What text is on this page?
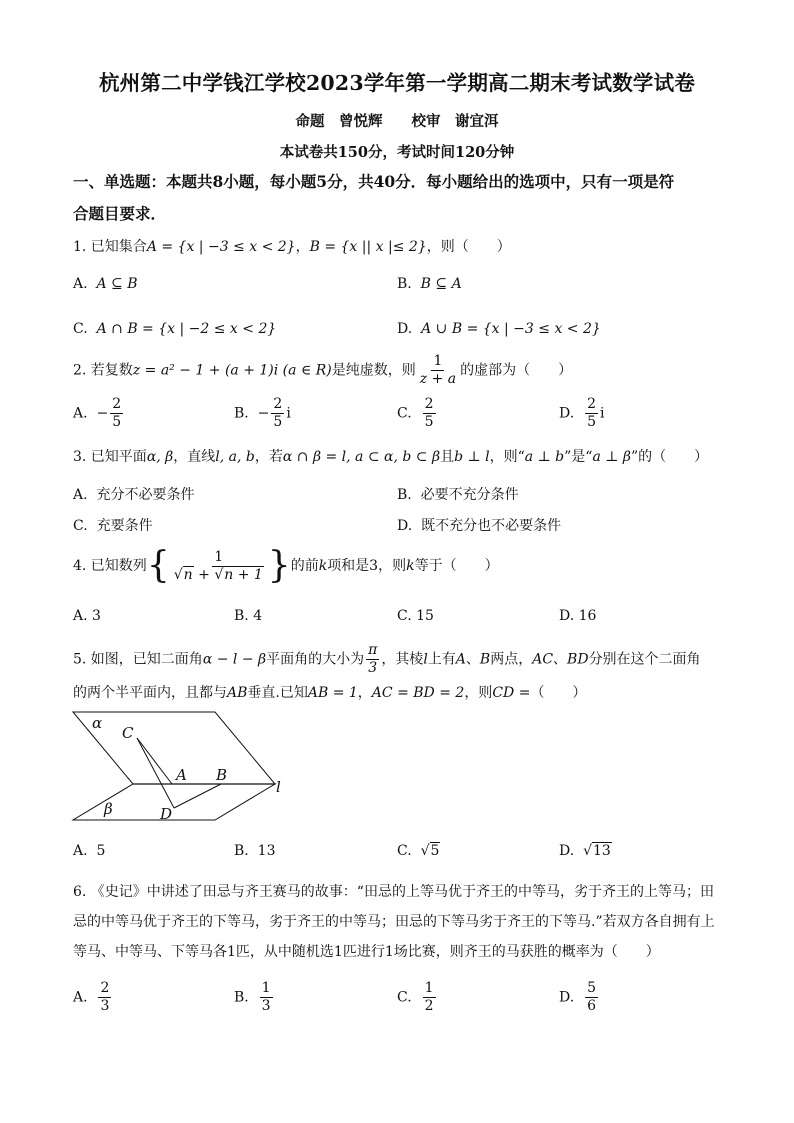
杭州第二中学钱江学校2023学年第一学期高二期末考试数学试卷
命题　曾悦辉　　校审　谢宜洱
本试卷共150分，考试时间120分钟
一、单选题：本题共8小题，每小题5分，共40分．每小题给出的选项中，只有一项是符
合题目要求．
1. 已知集合A = {x | −3 ≤ x < 2}，B = {x || x |≤ 2}，则（　　）
A. A ⊆ B	B. B ⊆ A
C. A ∩ B = {x | −2 ≤ x < 2}	D. A ∪ B = {x | −3 ≤ x < 2}
2. 若复数z = a² − 1 + (a + 1)i (a ∈ R)是纯虚数，则 $\frac{1}{z + a}$ 的虚部为（　　）
A. − $\frac{2}{5}$	B. − $\frac{2}{5}$ i	C. $\frac{2}{5}$	D. $\frac{2}{5}$ i
3. 已知平面α, β，直线l, a, b，若α ∩ β = l, a ⊂ α, b ⊂ β且b ⊥ l，则“a ⊥ b”是“a ⊥ β”的（　　）
A. 充分不必要条件	B. 必要不充分条件
C. 充要条件	D. 既不充分也不必要条件
4. 已知数列{ $\frac{1}{√n + √n + 1}$ }的前k项和是3，则k等于（　　）
A. 3	B. 4	C. 15	D. 16
5. 如图，已知二面角α − l − β平面角的大小为 $\frac{\pi}{3}$ ，其棱l上有A、B两点，AC、BD分别在这个二面角
的两个半平面内，且都与AB垂直.已知AB = 1，AC = BD = 2，则CD =（　　）
α
C
A B
l
β	D
A. 5	B. 13	C. √5	D. √13
6. 《史记》中讲述了田忌与齐王赛马的故事：“田忌的上等马优于齐王的中等马，劣于齐王的上等马；田
忌的中等马优于齐王的下等马，劣于齐王的中等马；田忌的下等马劣于齐王的下等马.”若双方各自拥有上
等马、中等马、下等马各1匹，从中随机选1匹进行1场比赛，则齐王的马获胜的概率为（　　）
A. $\frac{2}{3}$	B. $\frac{1}{3}$	C. $\frac{1}{2}$	D. $\frac{5}{6}$
